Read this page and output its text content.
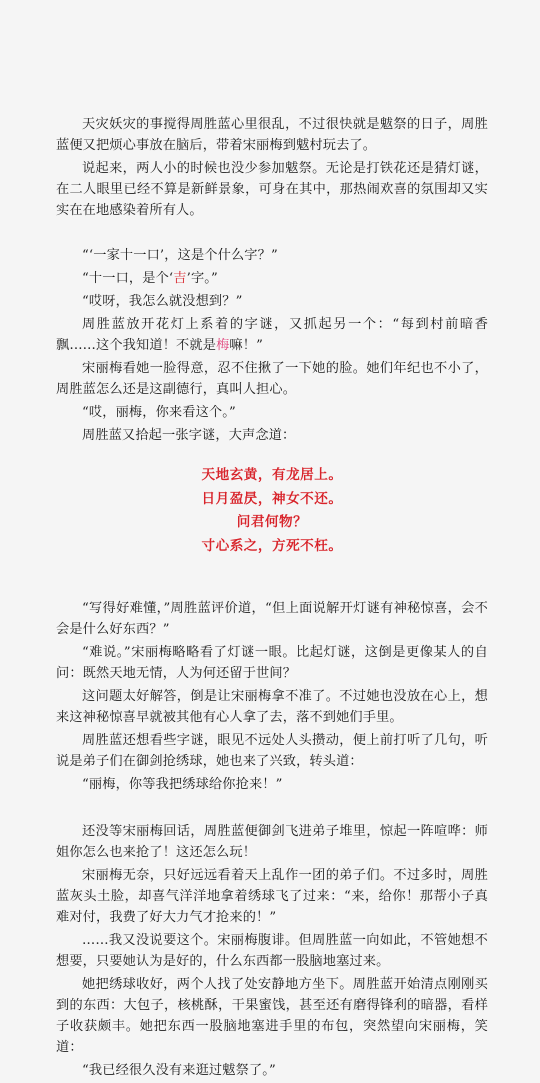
天灾妖灾的事搅得周胜蓝心里很乱，不过很快就是魃祭的日子，周胜蓝便又把烦心事放在脑后，带着宋丽梅到魃村玩去了。

说起来，两人小的时候也没少参加魃祭。无论是打铁花还是猜灯谜，在二人眼里已经不算是新鲜景象，可身在其中，那热闹欢喜的氛围却又实实在在地感染着所有人。

“‘一家十一口’，这是个什么字？”

“十一口，是个‘吉’字。”

“哎呀，我怎么就没想到？”

周胜蓝放开花灯上系着的字谜，又抓起另一个：“每到村前暗香飘……这个我知道！不就是梅嘛！”

宋丽梅看她一脸得意，忍不住揪了一下她的脸。她们年纪也不小了，周胜蓝怎么还是这副德行，真叫人担心。

“哎，丽梅，你来看这个。”

周胜蓝又拾起一张字谜，大声念道：

天地玄黄，有龙居上。

日月盈昃，神女不还。

问君何物？

寸心系之，方死不枉。

“写得好难懂，”周胜蓝评价道，“但上面说解开灯谜有神秘惊喜，会不会是什么好东西？”

“难说。”宋丽梅略略看了灯谜一眼。比起灯谜，这倒是更像某人的自问：既然天地无情，人为何还留于世间？

这问题太好解答，倒是让宋丽梅拿不准了。不过她也没放在心上，想来这神秘惊喜早就被其他有心人拿了去，落不到她们手里。

周胜蓝还想看些字谜，眼见不远处人头攒动，便上前打听了几句，听说是弟子们在御剑抢绣球，她也来了兴致，转头道：

“丽梅，你等我把绣球给你抢来！”

还没等宋丽梅回话，周胜蓝便御剑飞进弟子堆里，惊起一阵喧哗：师姐你怎么也来抢了！这还怎么玩！

宋丽梅无奈，只好远远看着天上乱作一团的弟子们。不过多时，周胜蓝灰头土脸，却喜气洋洋地拿着绣球飞了过来：“来，给你！那帮小子真难对付，我费了好大力气才抢来的！”

……我又没说要这个。宋丽梅腹诽。但周胜蓝一向如此，不管她想不想要，只要她认为是好的，什么东西都一股脑地塞过来。

她把绣球收好，两个人找了处安静地方坐下。周胜蓝开始清点刚刚买到的东西：大包子，核桃酥，干果蜜饯，甚至还有磨得锋利的暗器，看样子收获颇丰。她把东西一股脑地塞进手里的布包，突然望向宋丽梅，笑道：

“我已经很久没有来逛过魃祭了。”
